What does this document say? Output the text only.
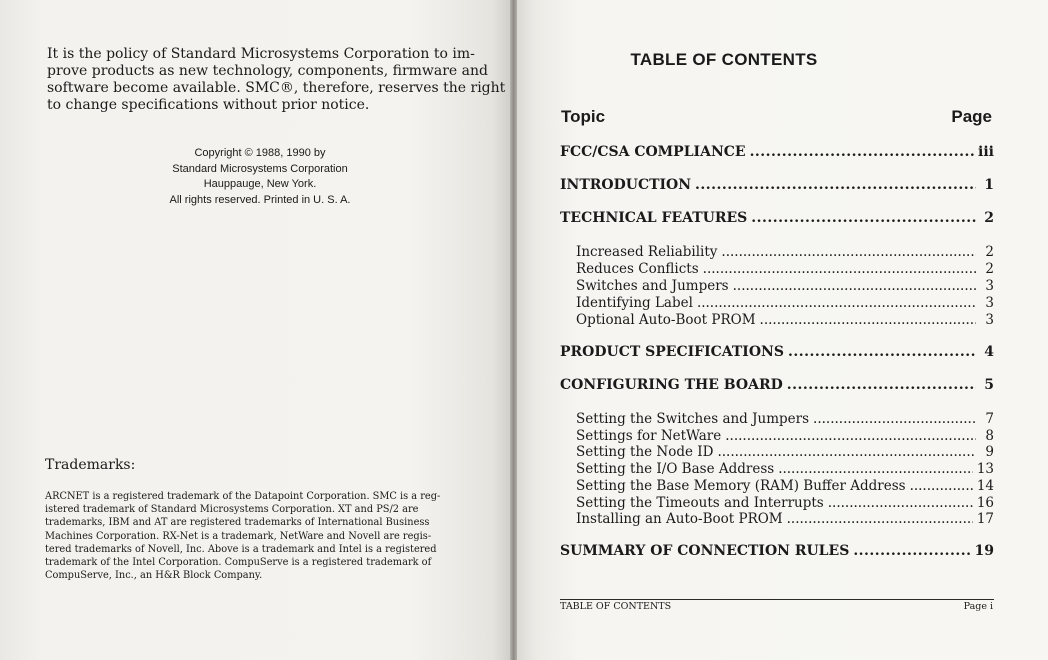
It is the policy of Standard Microsystems Corporation to im-
prove products as new technology, components, firmware and
software become available. SMC®, therefore, reserves the right
to change specifications without prior notice.
Copyright © 1988, 1990 by
Standard Microsystems Corporation
Hauppauge, New York.
All rights reserved. Printed in U. S. A.
Trademarks:
ARCNET is a registered trademark of the Datapoint Corporation. SMC is a reg-
istered trademark of Standard Microsystems Corporation. XT and PS/2 are
trademarks, IBM and AT are registered trademarks of International Business
Machines Corporation. RX-Net is a trademark, NetWare and Novell are regis-
tered trademarks of Novell, Inc. Above is a trademark and Intel is a registered
trademark of the Intel Corporation. CompuServe is a registered trademark of
CompuServe, Inc., an H&R Block Company.
TABLE OF CONTENTS
Topic	Page
FCC/CSA COMPLIANCE .....	iii
INTRODUCTION .....	1
TECHNICAL FEATURES .....	2
Increased Reliability .....	2
Reduces Conflicts .....	2
Switches and Jumpers .....	3
Identifying Label .....	3
Optional Auto-Boot PROM .....	3
PRODUCT SPECIFICATIONS .....	4
CONFIGURING THE BOARD .....	5
Setting the Switches and Jumpers .....	7
Settings for NetWare .....	8
Setting the Node ID .....	9
Setting the I/O Base Address .....	13
Setting the Base Memory (RAM) Buffer Address .....	14
Setting the Timeouts and Interrupts .....	16
Installing an Auto-Boot PROM .....	17
SUMMARY OF CONNECTION RULES .....	19
TABLE OF CONTENTS	Page i
